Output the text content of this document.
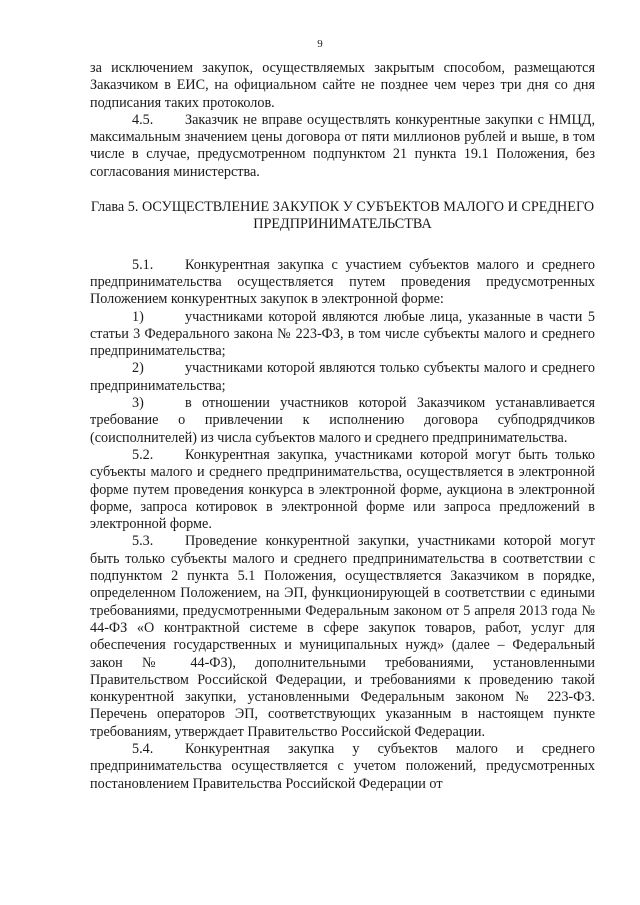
9

за исключением закупок, осуществляемых закрытым способом, размещаются Заказчиком в ЕИС, на официальном сайте не позднее чем через три дня со дня подписания таких протоколов.

4.5. Заказчик не вправе осуществлять конкурентные закупки с НМЦД, максимальным значением цены договора от пяти миллионов рублей и выше, в том числе в случае, предусмотренном подпунктом 21 пункта 19.1 Положения, без согласования министерства.

Глава 5. ОСУЩЕСТВЛЕНИЕ ЗАКУПОК У СУБЪЕКТОВ МАЛОГО И СРЕДНЕГО ПРЕДПРИНИМАТЕЛЬСТВА

5.1. Конкурентная закупка с участием субъектов малого и среднего предпринимательства осуществляется путем проведения предусмотренных Положением конкурентных закупок в электронной форме:

1)	участниками которой являются любые лица, указанные в части 5 статьи 3 Федерального закона № 223-ФЗ, в том числе субъекты малого и среднего предпринимательства;

2)	участниками которой являются только субъекты малого и среднего предпринимательства;

3)	в отношении участников которой Заказчиком устанавливается требование о привлечении к исполнению договора субподрядчиков (соисполнителей) из числа субъектов малого и среднего предпринимательства.

5.2. Конкурентная закупка, участниками которой могут быть только субъекты малого и среднего предпринимательства, осуществляется в электронной форме путем проведения конкурса в электронной форме, аукциона в электронной форме, запроса котировок в электронной форме или запроса предложений в электронной форме.

5.3. Проведение конкурентной закупки, участниками которой могут быть только субъекты малого и среднего предпринимательства в соответствии с подпунктом 2 пункта 5.1 Положения, осуществляется Заказчиком в порядке, определенном Положением, на ЭП, функционирующей в соответствии с едиными требованиями, предусмотренными Федеральным законом от 5 апреля 2013 года № 44-ФЗ «О контрактной системе в сфере закупок товаров, работ, услуг для обеспечения государственных и муниципальных нужд» (далее – Федеральный закон № 44-ФЗ), дополнительными требованиями, установленными Правительством Российской Федерации, и требованиями к проведению такой конкурентной закупки, установленными Федеральным законом № 223-ФЗ. Перечень операторов ЭП, соответствующих указанным в настоящем пункте требованиям, утверждает Правительство Российской Федерации.

5.4. Конкурентная закупка у субъектов малого и среднего предпринимательства осуществляется с учетом положений, предусмотренных постановлением Правительства Российской Федерации от
